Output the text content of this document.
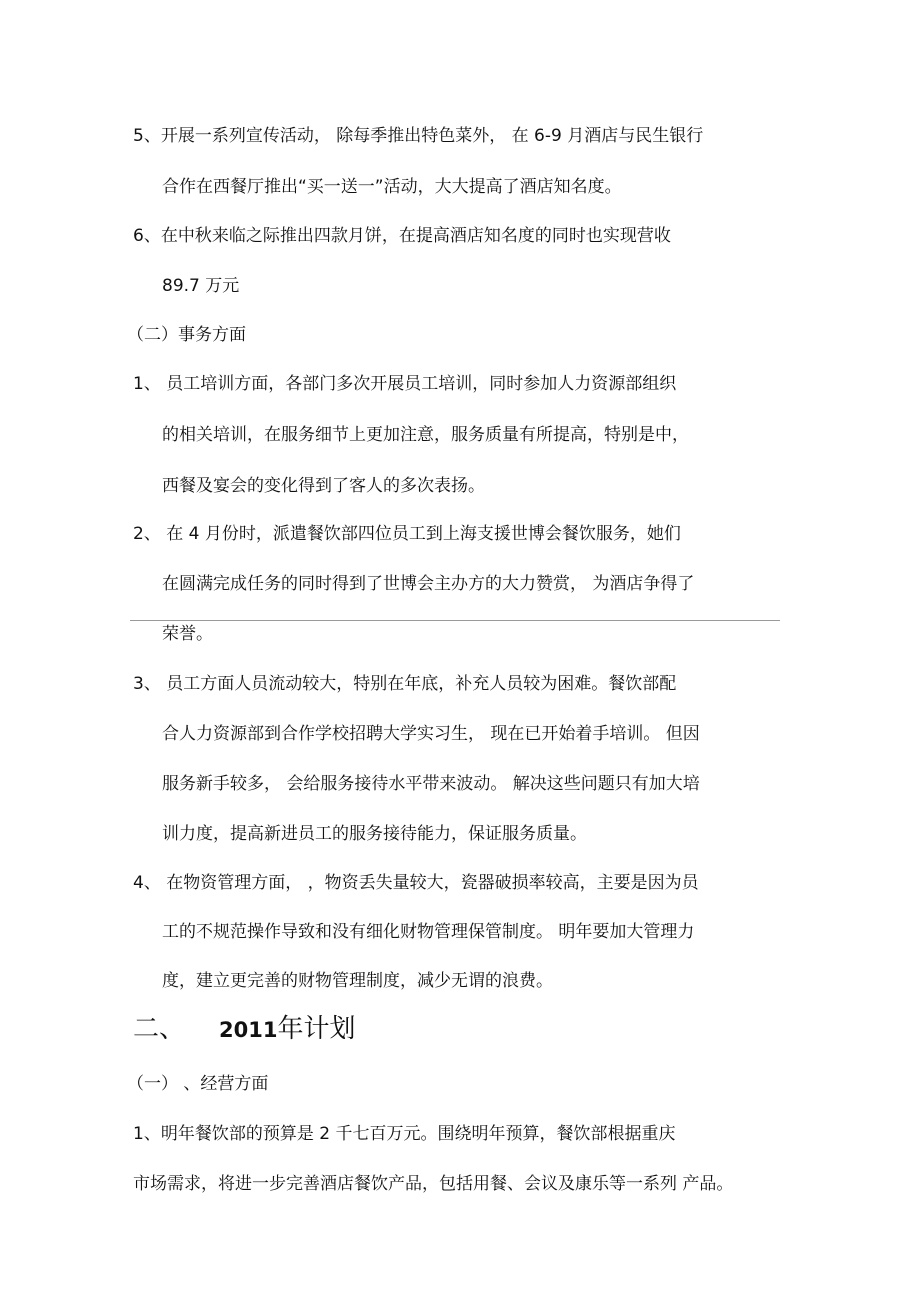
5、开展一系列宣传活动， 除每季推出特色菜外， 在 6-9 月酒店与民生银行
合作在西餐厅推出“买一送一”活动，大大提高了酒店知名度。
6、在中秋来临之际推出四款月饼，在提高酒店知名度的同时也实现营收
89.7 万元
（二）事务方面
1、 员工培训方面，各部门多次开展员工培训，同时参加人力资源部组织
的相关培训，在服务细节上更加注意，服务质量有所提高，特别是中，
西餐及宴会的变化得到了客人的多次表扬。
2、 在 4 月份时，派遣餐饮部四位员工到上海支援世博会餐饮服务，她们
在圆满完成任务的同时得到了世博会主办方的大力赞赏， 为酒店争得了
荣誉。
3、 员工方面人员流动较大，特别在年底，补充人员较为困难。餐饮部配
合人力资源部到合作学校招聘大学实习生， 现在已开始着手培训。 但因
服务新手较多， 会给服务接待水平带来波动。 解决这些问题只有加大培
训力度，提高新进员工的服务接待能力，保证服务质量。
4、 在物资管理方面， ，物资丢失量较大，瓷器破损率较高，主要是因为员
工的不规范操作导致和没有细化财物管理保管制度。 明年要加大管理力
度，建立更完善的财物管理制度，减少无谓的浪费。
二、 2011年计划
（一） 、经营方面
1、明年餐饮部的预算是 2 千七百万元。围绕明年预算，餐饮部根据重庆
市场需求，将进一步完善酒店餐饮产品，包括用餐、会议及康乐等一系列 产品。
